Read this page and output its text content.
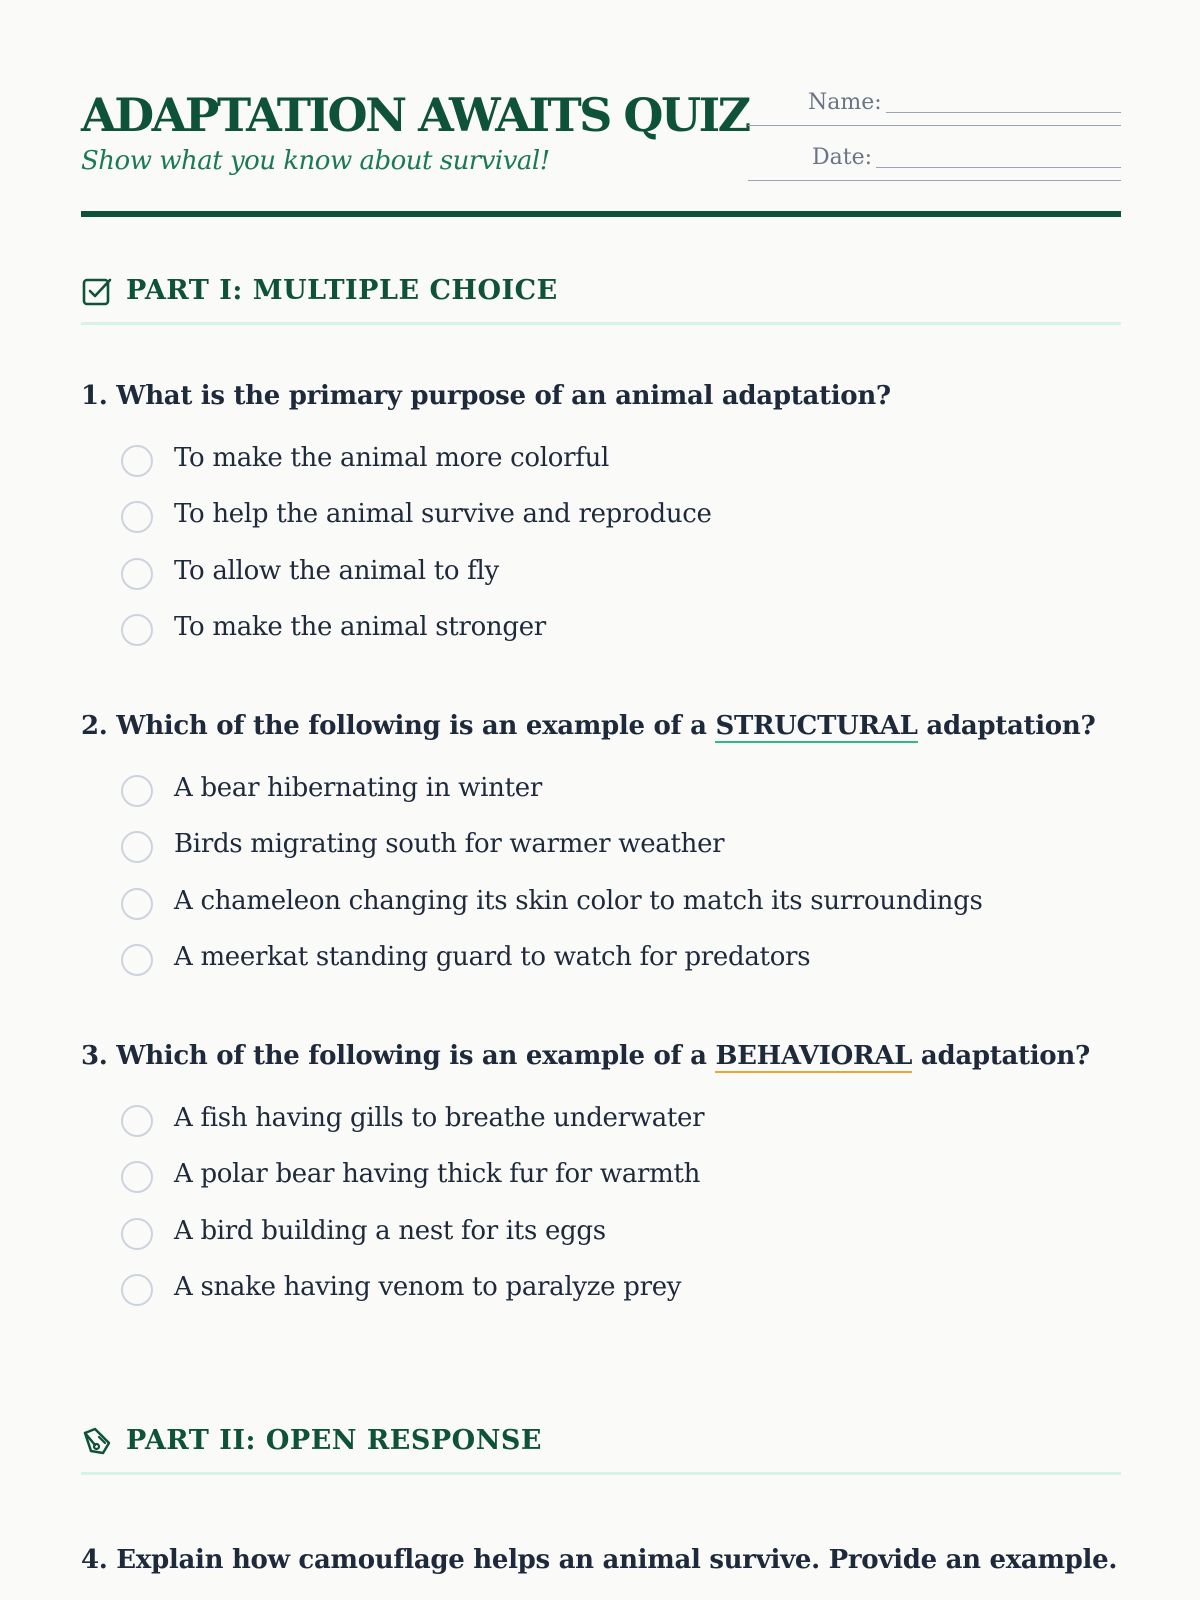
ADAPTATION AWAITS QUIZ
Show what you know about survival!
Name:
Date:
PART I: MULTIPLE CHOICE
1. What is the primary purpose of an animal adaptation?
To make the animal more colorful
To help the animal survive and reproduce
To allow the animal to fly
To make the animal stronger
2. Which of the following is an example of a STRUCTURAL adaptation?
A bear hibernating in winter
Birds migrating south for warmer weather
A chameleon changing its skin color to match its surroundings
A meerkat standing guard to watch for predators
3. Which of the following is an example of a BEHAVIORAL adaptation?
A fish having gills to breathe underwater
A polar bear having thick fur for warmth
A bird building a nest for its eggs
A snake having venom to paralyze prey
PART II: OPEN RESPONSE
4. Explain how camouflage helps an animal survive. Provide an example.
